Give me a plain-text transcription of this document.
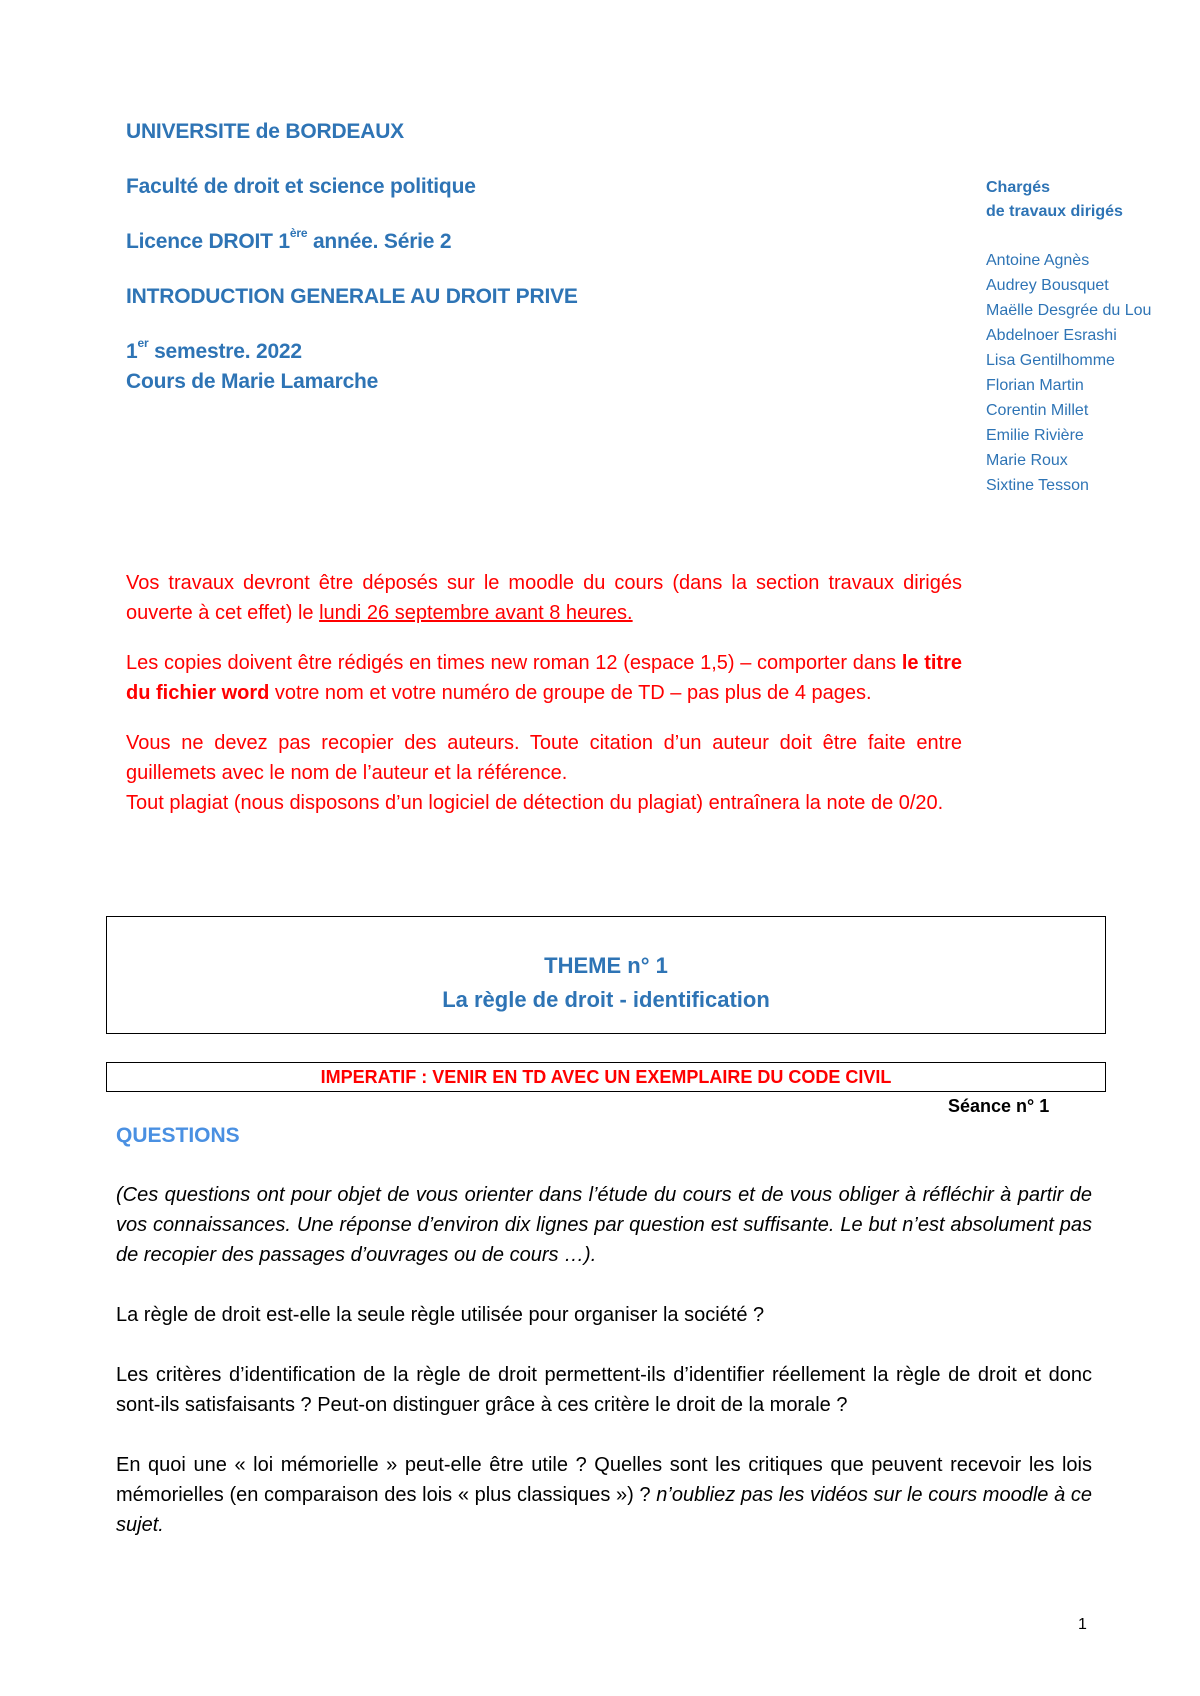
UNIVERSITE de BORDEAUX
Faculté de droit et science politique
Licence DROIT 1ère année. Série 2
INTRODUCTION GENERALE AU DROIT PRIVE
1er semestre. 2022
Cours de Marie Lamarche
Chargés
de travaux dirigés
Antoine Agnès
Audrey Bousquet
Maëlle Desgrée du Lou
Abdelnoer Esrashi
Lisa Gentilhomme
Florian Martin
Corentin Millet
Emilie Rivière
Marie Roux
Sixtine Tesson

Vos travaux devront être déposés sur le moodle du cours (dans la section travaux dirigés ouverte à cet effet) le lundi 26 septembre avant 8 heures.

Les copies doivent être rédigés en times new roman 12 (espace 1,5) – comporter dans le titre du fichier word votre nom et votre numéro de groupe de TD – pas plus de 4 pages.

Vous ne devez pas recopier des auteurs. Toute citation d’un auteur doit être faite entre guillemets avec le nom de l’auteur et la référence.

Tout plagiat (nous disposons d’un logiciel de détection du plagiat) entraînera la note de 0/20.

THEME n° 1
La règle de droit - identification
IMPERATIF : VENIR EN TD AVEC UN EXEMPLAIRE DU CODE CIVIL
Séance n° 1
QUESTIONS

(Ces questions ont pour objet de vous orienter dans l’étude du cours et de vous obliger à réfléchir à partir de vos connaissances. Une réponse d’environ dix lignes par question est suffisante. Le but n’est absolument pas de recopier des passages d’ouvrages ou de cours …).

La règle de droit est-elle la seule règle utilisée pour organiser la société ?

Les critères d’identification de la règle de droit permettent-ils d’identifier réellement la règle de droit et donc sont-ils satisfaisants ? Peut-on distinguer grâce à ces critère le droit de la morale ?

En quoi une « loi mémorielle » peut-elle être utile ? Quelles sont les critiques que peuvent recevoir les lois mémorielles (en comparaison des lois « plus classiques ») ? n’oubliez pas les vidéos sur le cours moodle à ce sujet.

1
